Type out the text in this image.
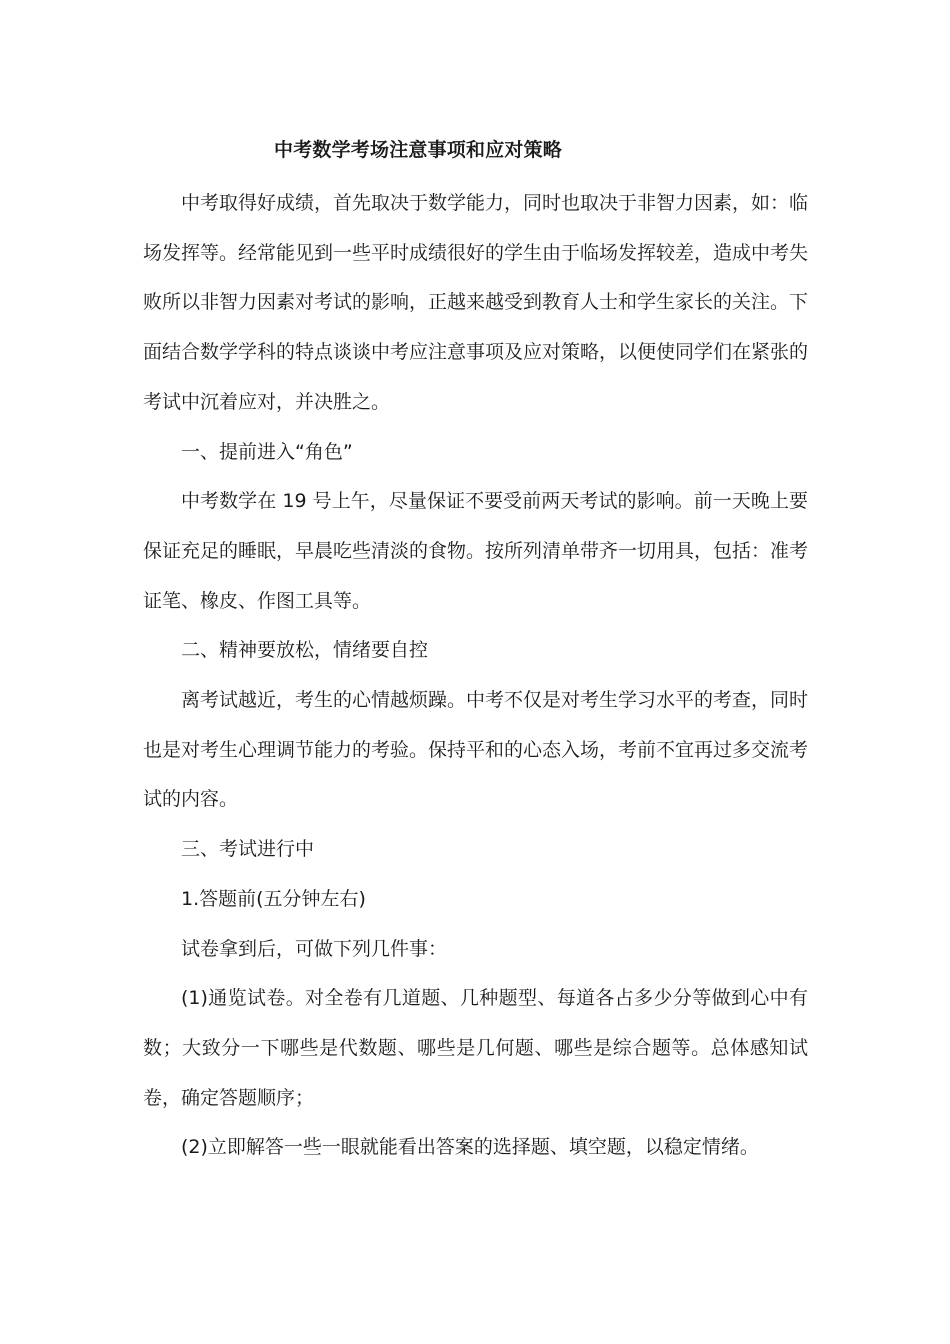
中考数学考场注意事项和应对策略

中考取得好成绩，首先取决于数学能力，同时也取决于非智力因素，如：临场发挥等。经常能见到一些平时成绩很好的学生由于临场发挥较差，造成中考失败所以非智力因素对考试的影响，正越来越受到教育人士和学生家长的关注。下面结合数学学科的特点谈谈中考应注意事项及应对策略，以便使同学们在紧张的考试中沉着应对，并决胜之。

一、提前进入“角色”

中考数学在 19 号上午，尽量保证不要受前两天考试的影响。前一天晚上要保证充足的睡眠，早晨吃些清淡的食物。按所列清单带齐一切用具，包括：准考证笔、橡皮、作图工具等。

二、精神要放松，情绪要自控

离考试越近，考生的心情越烦躁。中考不仅是对考生学习水平的考查，同时也是对考生心理调节能力的考验。保持平和的心态入场，考前不宜再过多交流考试的内容。

三、考试进行中

1.答题前(五分钟左右)

试卷拿到后，可做下列几件事：

(1)通览试卷。对全卷有几道题、几种题型、每道各占多少分等做到心中有数；大致分一下哪些是代数题、哪些是几何题、哪些是综合题等。总体感知试卷，确定答题顺序；

(2)立即解答一些一眼就能看出答案的选择题、填空题，以稳定情绪。
